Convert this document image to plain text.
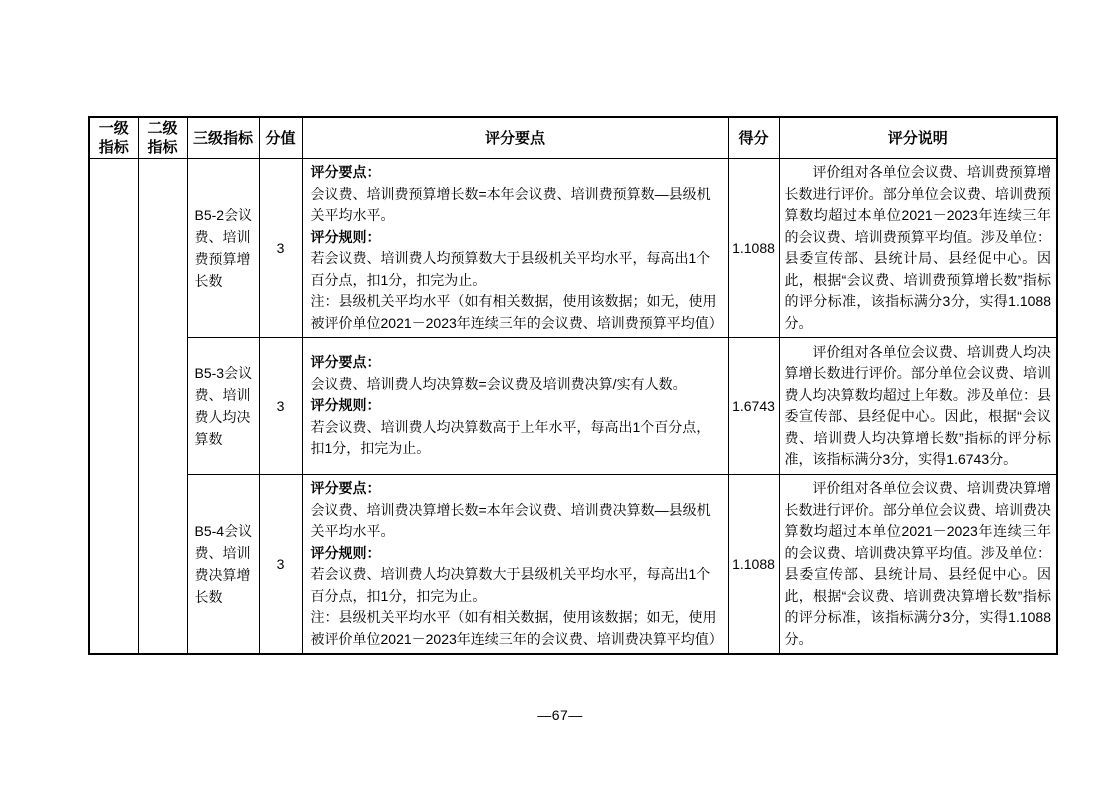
一级指标	二级指标	三级指标	分值	评分要点	得分	评分说明
		B5-2会议费、培训费预算增长数	3	评分要点：
会议费、培训费预算增长数=本年会议费、培训费预算数—县级机关平均水平。
评分规则：
若会议费、培训费人均预算数大于县级机关平均水平，每高出1个百分点，扣1分，扣完为止。
注：县级机关平均水平（如有相关数据，使用该数据；如无，使用被评价单位2021－2023年连续三年的会议费、培训费预算平均值）	1.1088	评价组对各单位会议费、培训费预算增长数进行评价。部分单位会议费、培训费预算数均超过本单位2021－2023年连续三年的会议费、培训费预算平均值。涉及单位：县委宣传部、县统计局、县经促中心。因此，根据“会议费、培训费预算增长数”指标的评分标准，该指标满分3分，实得1.1088分。

		B5-3会议费、培训费人均决算数	3	评分要点：
会议费、培训费人均决算数=会议费及培训费决算/实有人数。
评分规则：
若会议费、培训费人均决算数高于上年水平，每高出1个百分点，扣1分，扣完为止。	1.6743	评价组对各单位会议费、培训费人均决算增长数进行评价。部分单位会议费、培训费人均决算数均超过上年数。涉及单位：县委宣传部、县经促中心。因此，根据“会议费、培训费人均决算增长数”指标的评分标准，该指标满分3分，实得1.6743分。

		B5-4会议费、培训费决算增长数	3	评分要点：
会议费、培训费决算增长数=本年会议费、培训费决算数—县级机关平均水平。
评分规则：
若会议费、培训费人均决算数大于县级机关平均水平，每高出1个百分点，扣1分，扣完为止。
注：县级机关平均水平（如有相关数据，使用该数据；如无，使用被评价单位2021－2023年连续三年的会议费、培训费决算平均值）	1.1088	评价组对各单位会议费、培训费决算增长数进行评价。部分单位会议费、培训费决算数均超过本单位2021－2023年连续三年的会议费、培训费决算平均值。涉及单位：县委宣传部、县统计局、县经促中心。因此，根据“会议费、培训费决算增长数”指标的评分标准，该指标满分3分，实得1.1088分。
—67—
